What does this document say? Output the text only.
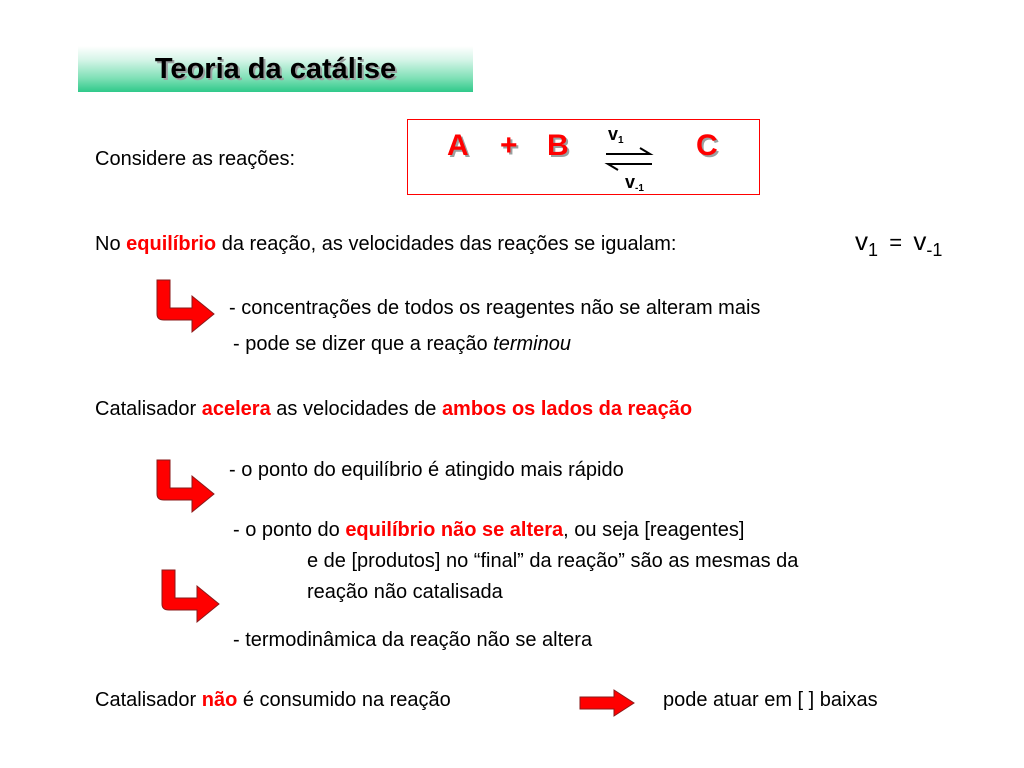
Teoria da catálise
Considere as reações:	A + B	C
$v_1$
$v_{-1}$
No equilíbrio da reação, as velocidades das reações se igualam:	$v_1 = v_{-1}$
- concentrações de todos os reagentes não se alteram mais
- pode se dizer que a reação terminou
Catalisador acelera as velocidades de ambos os lados da reação
- o ponto do equilíbrio é atingido mais rápido
- o ponto do equilíbrio não se altera, ou seja [reagentes]
e de [produtos] no “final” da reação” são as mesmas da
reação não catalisada
- termodinâmica da reação não se altera
Catalisador não é consumido na reação	pode atuar em [ ] baixas
